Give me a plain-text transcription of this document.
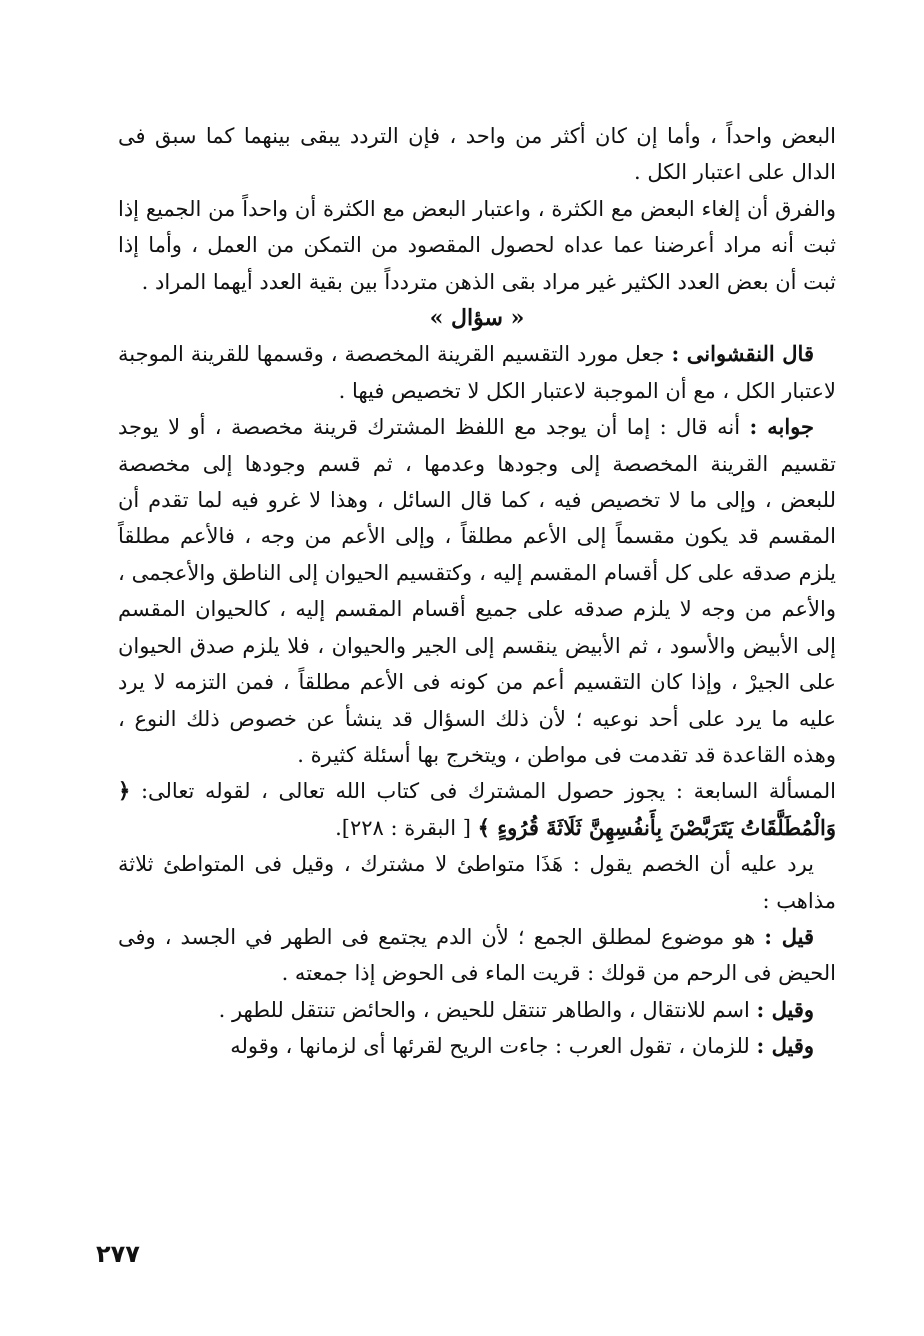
البعض واحداً ، وأما إن كان أكثر من واحد ، فإن التردد يبقى بينهما كما سبق فى الدال على اعتبار الكل .

والفرق أن إلغاء البعض مع الكثرة ، واعتبار البعض مع الكثرة أن واحداً من الجميع إذا ثبت أنه مراد أعرضنا عما عداه لحصول المقصود من التمكن من العمل ، وأما إذا ثبت أن بعض العدد الكثير غير مراد بقى الذهن متردداً بين بقية العدد أيهما المراد .

« سؤال »

قال النقشوانى : جعل مورد التقسيم القرينة المخصصة ، وقسمها للقرينة الموجبة لاعتبار الكل ، مع أن الموجبة لاعتبار الكل لا تخصيص فيها .

جوابه : أنه قال : إما أن يوجد مع اللفظ المشترك قرينة مخصصة ، أو لا يوجد تقسيم القرينة المخصصة إلى وجودها وعدمها ، ثم قسم وجودها إلى مخصصة للبعض ، وإلى ما لا تخصيص فيه ، كما قال السائل ، وهذا لا غرو فيه لما تقدم أن المقسم قد يكون مقسماً إلى الأعم مطلقاً ، وإلى الأعم من وجه ، فالأعم مطلقاً يلزم صدقه على كل أقسام المقسم إليه ، وكتقسيم الحيوان إلى الناطق والأعجمى ، والأعم من وجه لا يلزم صدقه على جميع أقسام المقسم إليه ، كالحيوان المقسم إلى الأبيض والأسود ، ثم الأبيض ينقسم إلى الجير والحيوان ، فلا يلزم صدق الحيوان على الجيرْ ، وإذا كان التقسيم أعم من كونه فى الأعم مطلقاً ، فمن التزمه لا يرد عليه ما يرد على أحد نوعيه ؛ لأن ذلك السؤال قد ينشأ عن خصوص ذلك النوع ، وهذه القاعدة قد تقدمت فى مواطن ، ويتخرج بها أسئلة كثيرة .

المسألة السابعة : يجوز حصول المشترك فى كتاب الله تعالى ، لقوله تعالى: ﴿ وَالْمُطَلَّقَاتُ يَتَرَبَّصْنَ بِأَنفُسِهِنَّ ثَلَاثَةَ قُرُوءٍ ﴾ [ البقرة : ٢٢٨].

يرد عليه أن الخصم يقول : هَذَا متواطئ لا مشترك ، وقيل فى المتواطئ ثلاثة مذاهب :

قيل : هو موضوع لمطلق الجمع ؛ لأن الدم يجتمع فى الطهر في الجسد ، وفى الحيض فى الرحم من قولك : قريت الماء فى الحوض إذا جمعته .

وقيل : اسم للانتقال ، والطاهر تنتقل للحيض ، والحائض تنتقل للطهر .

وقيل : للزمان ، تقول العرب : جاءت الريح لقرئها أى لزمانها ، وقوله

٢٧٧
